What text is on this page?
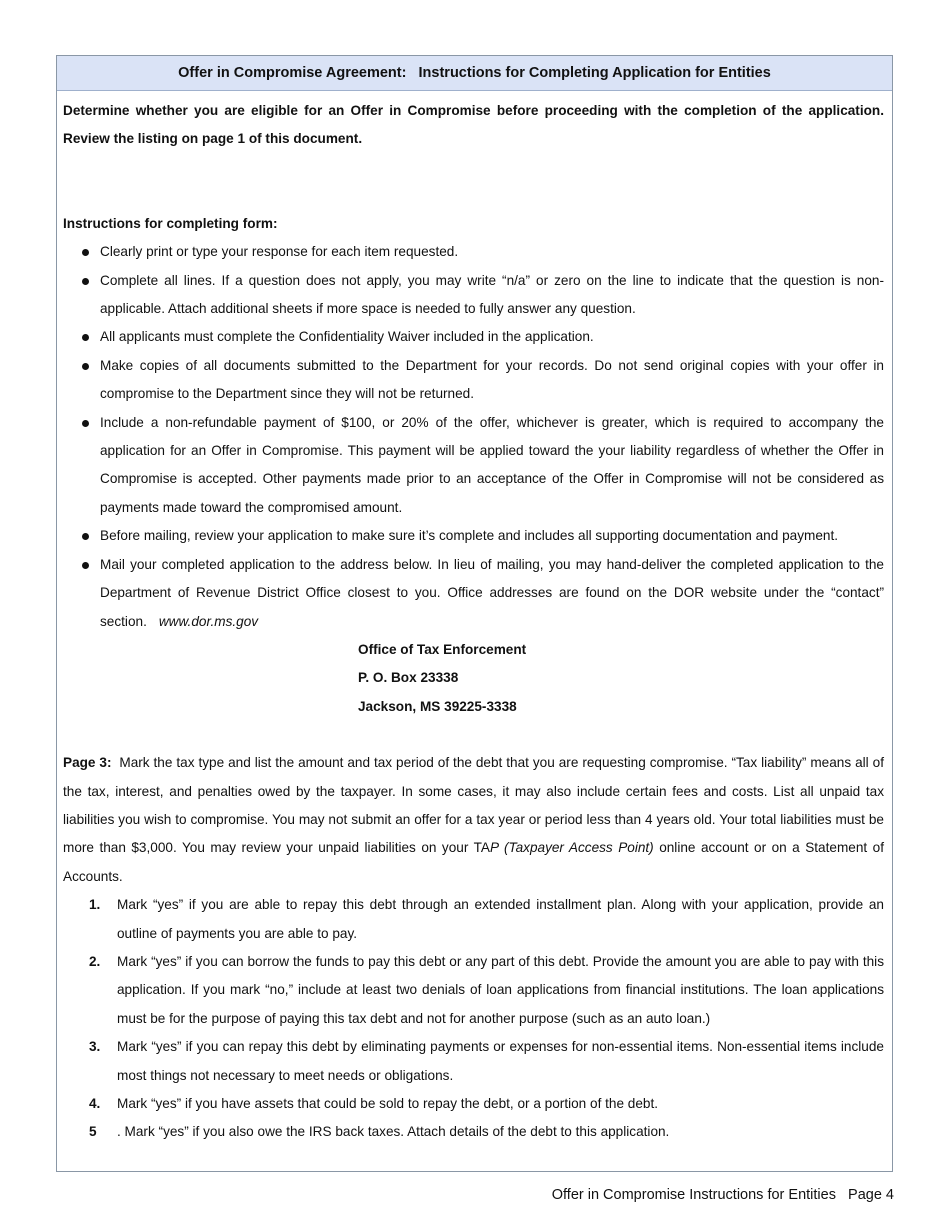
Offer in Compromise Agreement:   Instructions for Completing Application for Entities

Determine whether you are eligible for an Offer in Compromise before proceeding with the completion of the application. Review the listing on page 1 of this document.

Instructions for completing form:

Clearly print or type your response for each item requested.
Complete all lines. If a question does not apply, you may write “n/a” or zero on the line to indicate that the question is non-applicable. Attach additional sheets if more space is needed to fully answer any question.
All applicants must complete the Confidentiality Waiver included in the application.
Make copies of all documents submitted to the Department for your records. Do not send original copies with your offer in compromise to the Department since they will not be returned.
Include a non-refundable payment of $100, or 20% of the offer, whichever is greater, which is required to accompany the application for an Offer in Compromise. This payment will be applied toward the your liability regardless of whether the Offer in Compromise is accepted. Other payments made prior to an acceptance of the Offer in Compromise will not be considered as payments made toward the compromised amount.
Before mailing, review your application to make sure it’s complete and includes all supporting documentation and payment.
Mail your completed application to the address below. In lieu of mailing, you may hand-deliver the completed application to the Department of Revenue District Office closest to you. Office addresses are found on the DOR website under the “contact” section. www.dor.ms.gov

Office of Tax Enforcement

P. O. Box 23338

Jackson, MS 39225-3338

Page 3: Mark the tax type and list the amount and tax period of the debt that you are requesting compromise. “Tax liability” means all of the tax, interest, and penalties owed by the taxpayer. In some cases, it may also include certain fees and costs. List all unpaid tax liabilities you wish to compromise. You may not submit an offer for a tax year or period less than 4 years old. Your total liabilities must be more than $3,000. You may review your unpaid liabilities on your TAP (Taxpayer Access Point) online account or on a Statement of Accounts.

1. Mark “yes” if you are able to repay this debt through an extended installment plan. Along with your application, provide an outline of payments you are able to pay.
2. Mark “yes” if you can borrow the funds to pay this debt or any part of this debt. Provide the amount you are able to pay with this application. If you mark “no,” include at least two denials of loan applications from financial institutions. The loan applications must be for the purpose of paying this tax debt and not for another purpose (such as an auto loan.)
3. Mark “yes” if you can repay this debt by eliminating payments or expenses for non-essential items. Non-essential items include most things not necessary to meet needs or obligations.
4. Mark “yes” if you have assets that could be sold to repay the debt, or a portion of the debt.
5 . Mark “yes” if you also owe the IRS back taxes. Attach details of the debt to this application.
Offer in Compromise Instructions for Entities   Page 4
